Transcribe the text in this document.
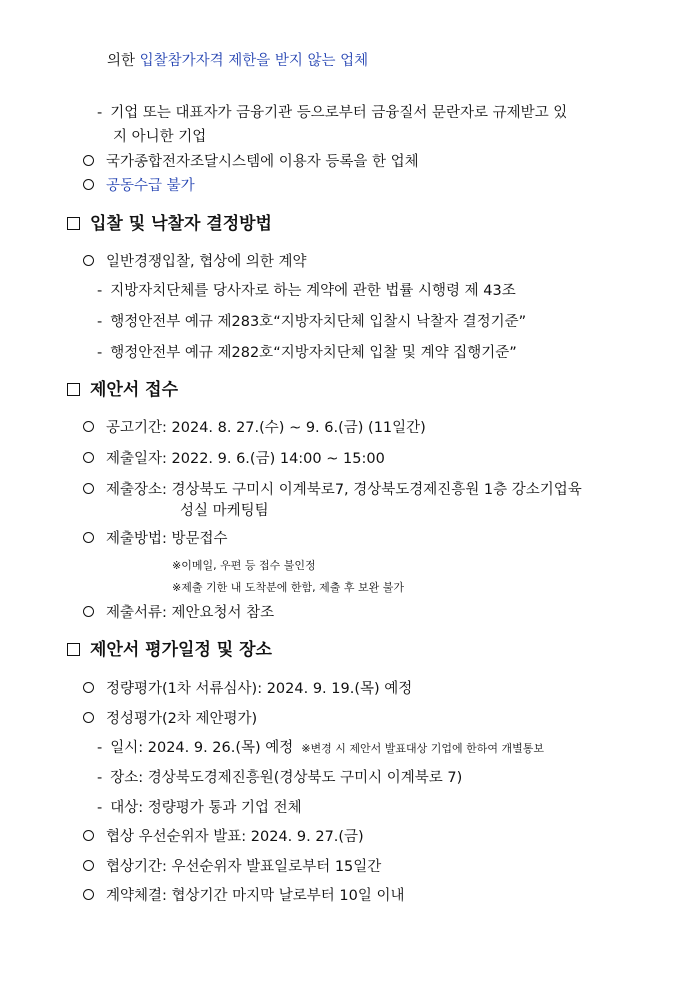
의한 입찰참가자격 제한을 받지 않는 업체
- 기업 또는 대표자가 금융기관 등으로부터 금융질서 문란자로 규제받고 있
지 아니한 기업
국가종합전자조달시스템에 이용자 등록을 한 업체
공동수급 불가
입찰 및 낙찰자 결정방법
일반경쟁입찰, 협상에 의한 계약
- 지방자치단체를 당사자로 하는 계약에 관한 법률 시행령 제 43조
- 행정안전부 예규 제283호“지방자치단체 입찰시 낙찰자 결정기준”
- 행정안전부 예규 제282호“지방자치단체 입찰 및 계약 집행기준”
제안서 접수
공고기간: 2024. 8. 27.(수) ~ 9. 6.(금) (11일간)
제출일자: 2022. 9. 6.(금) 14:00 ~ 15:00
제출장소: 경상북도 구미시 이계북로7, 경상북도경제진흥원 1층 강소기업육
성실 마케팅팀
제출방법: 방문접수
※이메일, 우편 등 접수 불인정
※제출 기한 내 도착분에 한함, 제출 후 보완 불가
제출서류: 제안요청서 참조
제안서 평가일정 및 장소
정량평가(1차 서류심사): 2024. 9. 19.(목) 예정
정성평가(2차 제안평가)
- 일시: 2024. 9. 26.(목) 예정 ※변경 시 제안서 발표대상 기업에 한하여 개별통보
- 장소: 경상북도경제진흥원(경상북도 구미시 이계북로 7)
- 대상: 정량평가 통과 기업 전체
협상 우선순위자 발표: 2024. 9. 27.(금)
협상기간: 우선순위자 발표일로부터 15일간
계약체결: 협상기간 마지막 날로부터 10일 이내
